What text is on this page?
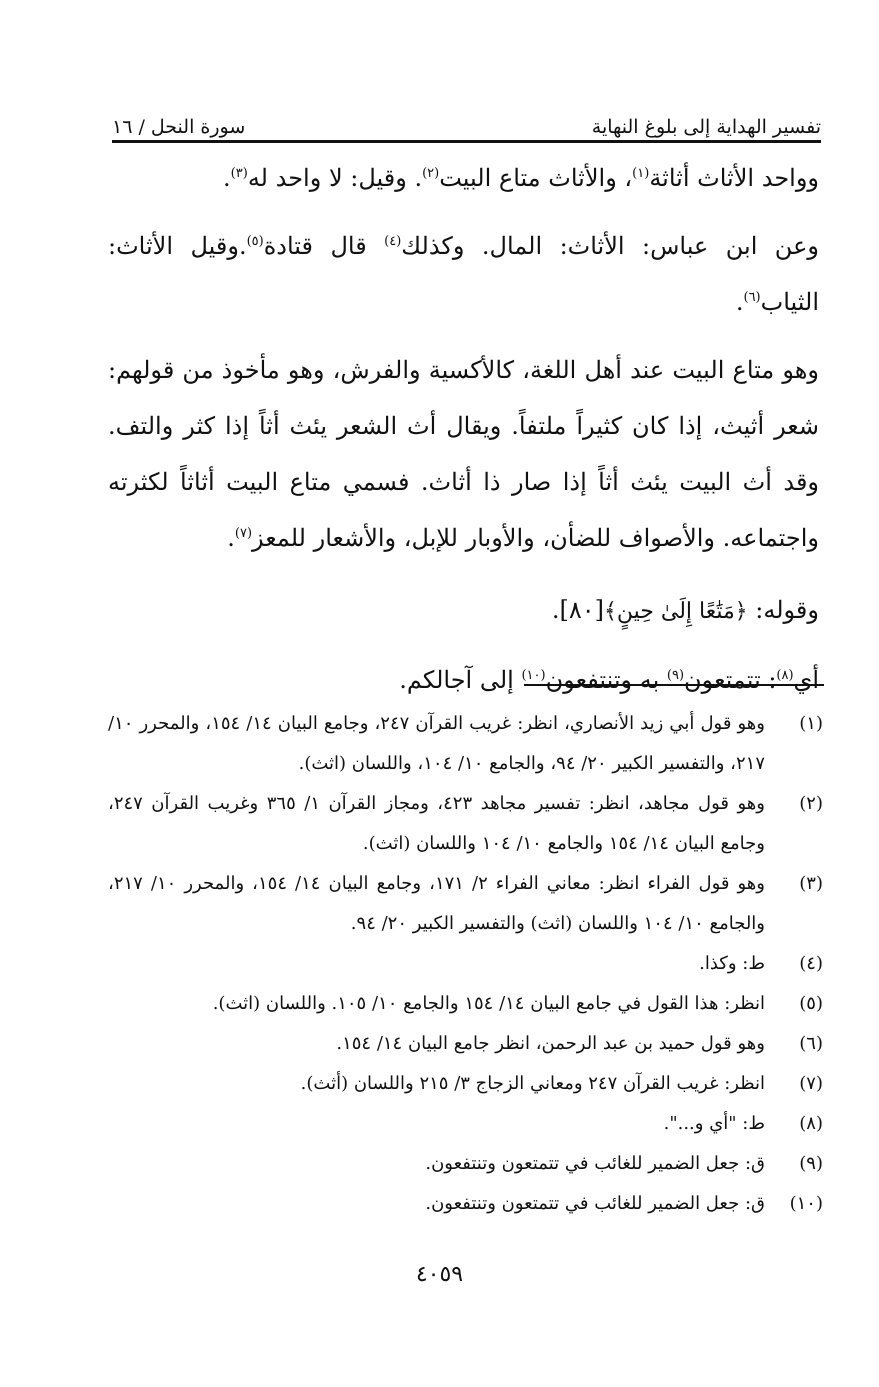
تفسير الهداية إلى بلوغ النهاية
سورة النحل / ١٦

وواحد الأثاث أثاثة$^{(١)}$، والأثاث متاع البيت$^{(٢)}$. وقيل: لا واحد له$^{(٣)}$.

وعن ابن عباس: الأثاث: المال. وكذلك$^{(٤)}$ قال قتادة$^{(٥)}$.وقيل الأثاث: الثياب$^{(٦)}$.

وهو متاع البيت عند أهل اللغة، كالأكسية والفرش، وهو مأخوذ من قولهم: شعر أثيث، إذا كان كثيراً ملتفاً. ويقال أث الشعر يئث أثاً إذا كثر والتف. وقد أث البيت يئث أثاً إذا صار ذا أثاث. فسمي متاع البيت أثاثاً لكثرته واجتماعه. والأصواف للضأن، والأوبار للإبل، والأشعار للمعز$^{(٧)}$.

وقوله: ﴿مَتَٰعًا إِلَىٰ حِينٍ﴾[٨٠].

أي$^{(٨)}$: تتمتعون$^{(٩)}$ به وتنتفعون$^{(١٠)}$ إلى آجالكم.

(١)
وهو قول أبي زيد الأنصاري، انظر: غريب القرآن ٢٤٧، وجامع البيان ١٤/ ١٥٤، والمحرر ١٠/ ٢١٧، والتفسير الكبير ٢٠/ ٩٤، والجامع ١٠/ ١٠٤، واللسان (اثث).
(٢)
وهو قول مجاهد، انظر: تفسير مجاهد ٤٢٣، ومجاز القرآن ١/ ٣٦٥ وغريب القرآن ٢٤٧، وجامع البيان ١٤/ ١٥٤ والجامع ١٠/ ١٠٤ واللسان (اثث).
(٣)
وهو قول الفراء انظر: معاني الفراء ٢/ ١٧١، وجامع البيان ١٤/ ١٥٤، والمحرر ١٠/ ٢١٧، والجامع ١٠/ ١٠٤ واللسان (اثث) والتفسير الكبير ٢٠/ ٩٤.
(٤)
ط: وكذا.
(٥)
انظر: هذا القول في جامع البيان ١٤/ ١٥٤ والجامع ١٠/ ١٠٥. واللسان (اثث).
(٦)
وهو قول حميد بن عبد الرحمن، انظر جامع البيان ١٤/ ١٥٤.
(٧)
انظر: غريب القرآن ٢٤٧ ومعاني الزجاج ٣/ ٢١٥ واللسان (أثث).
(٨)
ط: "أي و...".
(٩)
ق: جعل الضمير للغائب في تتمتعون وتنتفعون.
(١٠)
ق: جعل الضمير للغائب في تتمتعون وتنتفعون.
٤٠٥٩
